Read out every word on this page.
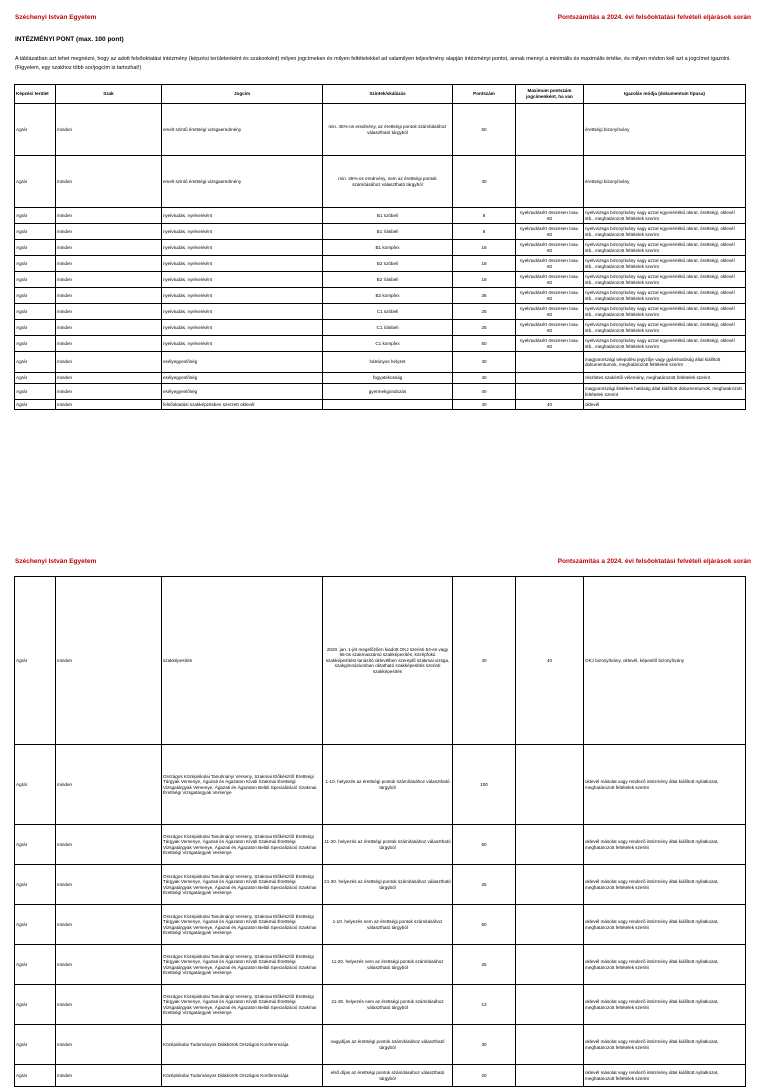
Széchenyi István Egyetem	Pontszámítás a 2024. évi felsőoktatási felvételi eljárások során
INTÉZMÉNYI PONT (max. 100 pont)
A táblázatban azt lehet megnézni, hogy az adott felsőoktatási intézmény (képzési területenként és szakonként) milyen jogcímeken és milyen feltételekkel ad valamilyen teljesítmény alapján intézményi pontot, annak mennyi a minimális és maximális értéke, és milyen módon kell azt a jogcímet igazolni. (Figyelem, egy szakhoz több sor/jogcím is tartozhat!)
Képzési terület	Szak	Jogcím	Szintek/skálázás	Pontszám	Maximum pontszám jogcímenként, ha van	Igazolás módja (dokumentum típusa)
Agrár	minden	emelt szintű érettségi vizsgaeredmény	min. 45%-os eredmény, az érettségi pontok számításához választható tárgyból	50		érettségi bizonyítvány
Agrár	minden	emelt szintű érettségi vizsgaeredmény	min. 45%-os eredmény, nem az érettségi pontok számításához választható tárgyból	30		érettségi bizonyítvány
Agrár	minden	nyelvtudás, nyelvenként	B1 szóbeli	8	nyelvtudásért összesen max. 60	nyelvvizsga bizonyítvány vagy azzal egyenértékű okirat, érettségi, oklevél stb., meghatározott feltételek szerint
Agrár	minden	nyelvtudás, nyelvenként	B1 írásbeli	8	nyelvtudásért összesen max. 60	nyelvvizsga bizonyítvány vagy azzal egyenértékű okirat, érettségi, oklevél stb., meghatározott feltételek szerint
Agrár	minden	nyelvtudás, nyelvenként	B1 komplex	16	nyelvtudásért összesen max. 60	nyelvvizsga bizonyítvány vagy azzal egyenértékű okirat, érettségi, oklevél stb., meghatározott feltételek szerint
Agrár	minden	nyelvtudás, nyelvenként	B2 szóbeli	18	nyelvtudásért összesen max. 60	nyelvvizsga bizonyítvány vagy azzal egyenértékű okirat, érettségi, oklevél stb., meghatározott feltételek szerint
Agrár	minden	nyelvtudás, nyelvenként	B2 írásbeli	18	nyelvtudásért összesen max. 60	nyelvvizsga bizonyítvány vagy azzal egyenértékű okirat, érettségi, oklevél stb., meghatározott feltételek szerint
Agrár	minden	nyelvtudás, nyelvenként	B2 komplex	36	nyelvtudásért összesen max. 60	nyelvvizsga bizonyítvány vagy azzal egyenértékű okirat, érettségi, oklevél stb., meghatározott feltételek szerint
Agrár	minden	nyelvtudás, nyelvenként	C1 szóbeli	25	nyelvtudásért összesen max. 60	nyelvvizsga bizonyítvány vagy azzal egyenértékű okirat, érettségi, oklevél stb., meghatározott feltételek szerint
Agrár	minden	nyelvtudás, nyelvenként	C1 írásbeli	25	nyelvtudásért összesen max. 60	nyelvvizsga bizonyítvány vagy azzal egyenértékű okirat, érettségi, oklevél stb., meghatározott feltételek szerint
Agrár	minden	nyelvtudás, nyelvenként	C1 komplex	50	nyelvtudásért összesen max. 60	nyelvvizsga bizonyítvány vagy azzal egyenértékű okirat, érettségi, oklevél stb., meghatározott feltételek szerint
Agrár	minden	esélyegyenlőség	hátrányos helyzet	40		magyarországi települési jegyzője vagy gyámhatóság által kiállított dokumentumok, meghatározott feltételek szerint
Agrár	minden	esélyegyenlőség	fogyatékosság	40		részletes szakértői vélemény, meghatározott feltételek szerint
Agrár	minden	esélyegyenlőség	gyermekgondozás	40		magyarországi illetékes hatóság által kiállított dokumentumok, meghatározott feltételek szerint
Agrár	minden	felsőoktatási szakképzésben szerzett oklevél		40	40	oklevél
Széchenyi István Egyetem	Pontszámítás a 2024. évi felsőoktatási felvételi eljárások során
Agrár	minden	szakképesítés	2020. jan. 1-jét megelőzően kiadott OKJ szerinti 54-es vagy 55-ös szakmaszámú szakképesítés, középfokú szakképesítést tanúsító oklevélben szereplő szakmai vizsga, szakgimnáziumban oktatható szakképesítés szerinti szakképesítés	40	40	OKJ bizonyítvány, oklevél, képesítő bizonyítvány
Agrár	minden	Országos Középiskolai Tanulmányi Verseny, Szakmai Előkészítő Érettségi Tárgyak Versenye, Ágazati és Ágazaton Kívüli Szakmai Érettségi Vizsgatárgyak Versenye, Ágazati és Ágazaton Belüli Specializáció Szakmai Érettségi Vizsgatárgyak Versenye	1-10. helyezés az érettségi pontok számításához választható tárgyból	100		oklevél másolat vagy rendező intézmény által kiállított nyilatkozat, meghatározott feltételek szerint
Agrár	minden	Országos Középiskolai Tanulmányi Verseny, Szakmai Előkészítő Érettségi Tárgyak Versenye, Ágazati és Ágazaton Kívüli Szakmai Érettségi Vizsgatárgyak Versenye, Ágazati és Ágazaton Belüli Specializáció Szakmai Érettségi Vizsgatárgyak Versenye	11-20. helyezés az érettségi pontok számításához választható tárgyból	50		oklevél másolat vagy rendező intézmény által kiállított nyilatkozat, meghatározott feltételek szerint
Agrár	minden	Országos Középiskolai Tanulmányi Verseny, Szakmai Előkészítő Érettségi Tárgyak Versenye, Ágazati és Ágazaton Kívüli Szakmai Érettségi Vizsgatárgyak Versenye, Ágazati és Ágazaton Belüli Specializáció Szakmai Érettségi Vizsgatárgyak Versenye	21-30. helyezés az érettségi pontok számításához választható tárgyból	25		oklevél másolat vagy rendező intézmény által kiállított nyilatkozat, meghatározott feltételek szerint
Agrár	minden	Országos Középiskolai Tanulmányi Verseny, Szakmai Előkészítő Érettségi Tárgyak Versenye, Ágazati és Ágazaton Kívüli Szakmai Érettségi Vizsgatárgyak Versenye, Ágazati és Ágazaton Belüli Specializáció Szakmai Érettségi Vizsgatárgyak Versenye	1-10. helyezés nem az érettségi pontok számításához választható tárgyból	50		oklevél másolat vagy rendező intézmény által kiállított nyilatkozat, meghatározott feltételek szerint
Agrár	minden	Országos Középiskolai Tanulmányi Verseny, Szakmai Előkészítő Érettségi Tárgyak Versenye, Ágazati és Ágazaton Kívüli Szakmai Érettségi Vizsgatárgyak Versenye, Ágazati és Ágazaton Belüli Specializáció Szakmai Érettségi Vizsgatárgyak Versenye	11-20. helyezés nem az érettségi pontok számításához választható tárgyból	25		oklevél másolat vagy rendező intézmény által kiállított nyilatkozat, meghatározott feltételek szerint
Agrár	minden	Országos Középiskolai Tanulmányi Verseny, Szakmai Előkészítő Érettségi Tárgyak Versenye, Ágazati és Ágazaton Kívüli Szakmai Érettségi Vizsgatárgyak Versenye, Ágazati és Ágazaton Belüli Specializáció Szakmai Érettségi Vizsgatárgyak Versenye	21-30. helyezés nem az érettségi pontok számításához választható tárgyból	13		oklevél másolat vagy rendező intézmény által kiállított nyilatkozat, meghatározott feltételek szerint
Agrár	minden	Középiskolai Tudományos Diákkörök Országos Konferenciája	nagydíjas az érettségi pontok számításához választható tárgyból	30		oklevél másolat vagy rendező intézmény által kiállított nyilatkozat, meghatározott feltételek szerint
Agrár	minden	Középiskolai Tudományos Diákkörök Országos Konferenciája	első díjas az érettségi pontok számításához választható tárgyból	20		oklevél másolat vagy rendező intézmény által kiállított nyilatkozat, meghatározott feltételek szerint
